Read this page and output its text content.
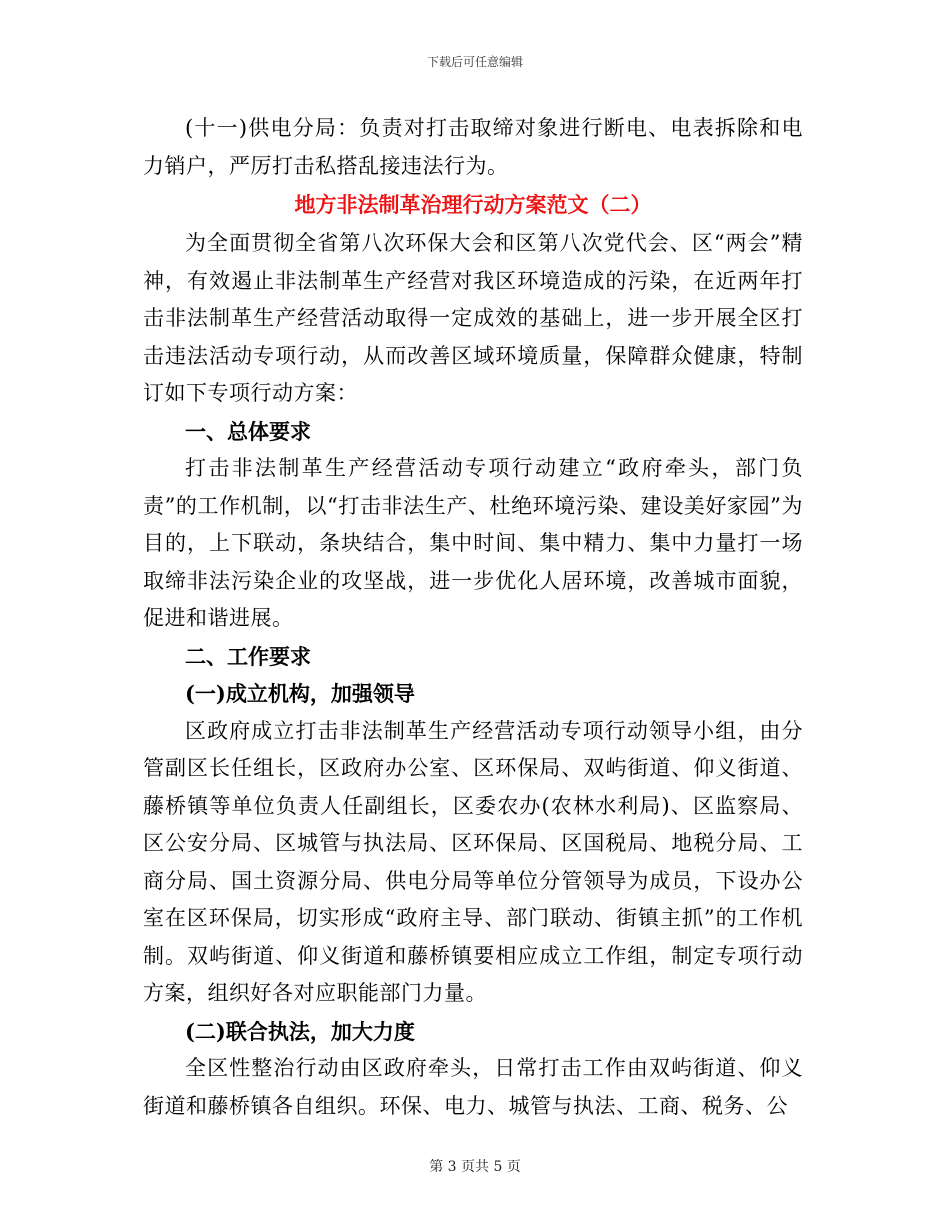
下载后可任意编辑

(十一)供电分局：负责对打击取缔对象进行断电、电表拆除和电力销户，严厉打击私搭乱接违法行为。

地方非法制革治理行动方案范文（二）

为全面贯彻全省第八次环保大会和区第八次党代会、区“两会”精神，有效遏止非法制革生产经营对我区环境造成的污染，在近两年打击非法制革生产经营活动取得一定成效的基础上，进一步开展全区打击违法活动专项行动，从而改善区域环境质量，保障群众健康，特制订如下专项行动方案：

一、总体要求

打击非法制革生产经营活动专项行动建立“政府牵头，部门负责”的工作机制，以“打击非法生产、杜绝环境污染、建设美好家园”为目的，上下联动，条块结合，集中时间、集中精力、集中力量打一场取缔非法污染企业的攻坚战，进一步优化人居环境，改善城市面貌，促进和谐进展。

二、工作要求

(一)成立机构，加强领导

区政府成立打击非法制革生产经营活动专项行动领导小组，由分管副区长任组长，区政府办公室、区环保局、双屿街道、仰义街道、藤桥镇等单位负责人任副组长，区委农办(农林水利局)、区监察局、区公安分局、区城管与执法局、区环保局、区国税局、地税分局、工商分局、国土资源分局、供电分局等单位分管领导为成员，下设办公室在区环保局，切实形成“政府主导、部门联动、街镇主抓”的工作机制。双屿街道、仰义街道和藤桥镇要相应成立工作组，制定专项行动方案，组织好各对应职能部门力量。

(二)联合执法，加大力度

全区性整治行动由区政府牵头，日常打击工作由双屿街道、仰义街道和藤桥镇各自组织。环保、电力、城管与执法、工商、税务、公

第 3 页共 5 页
